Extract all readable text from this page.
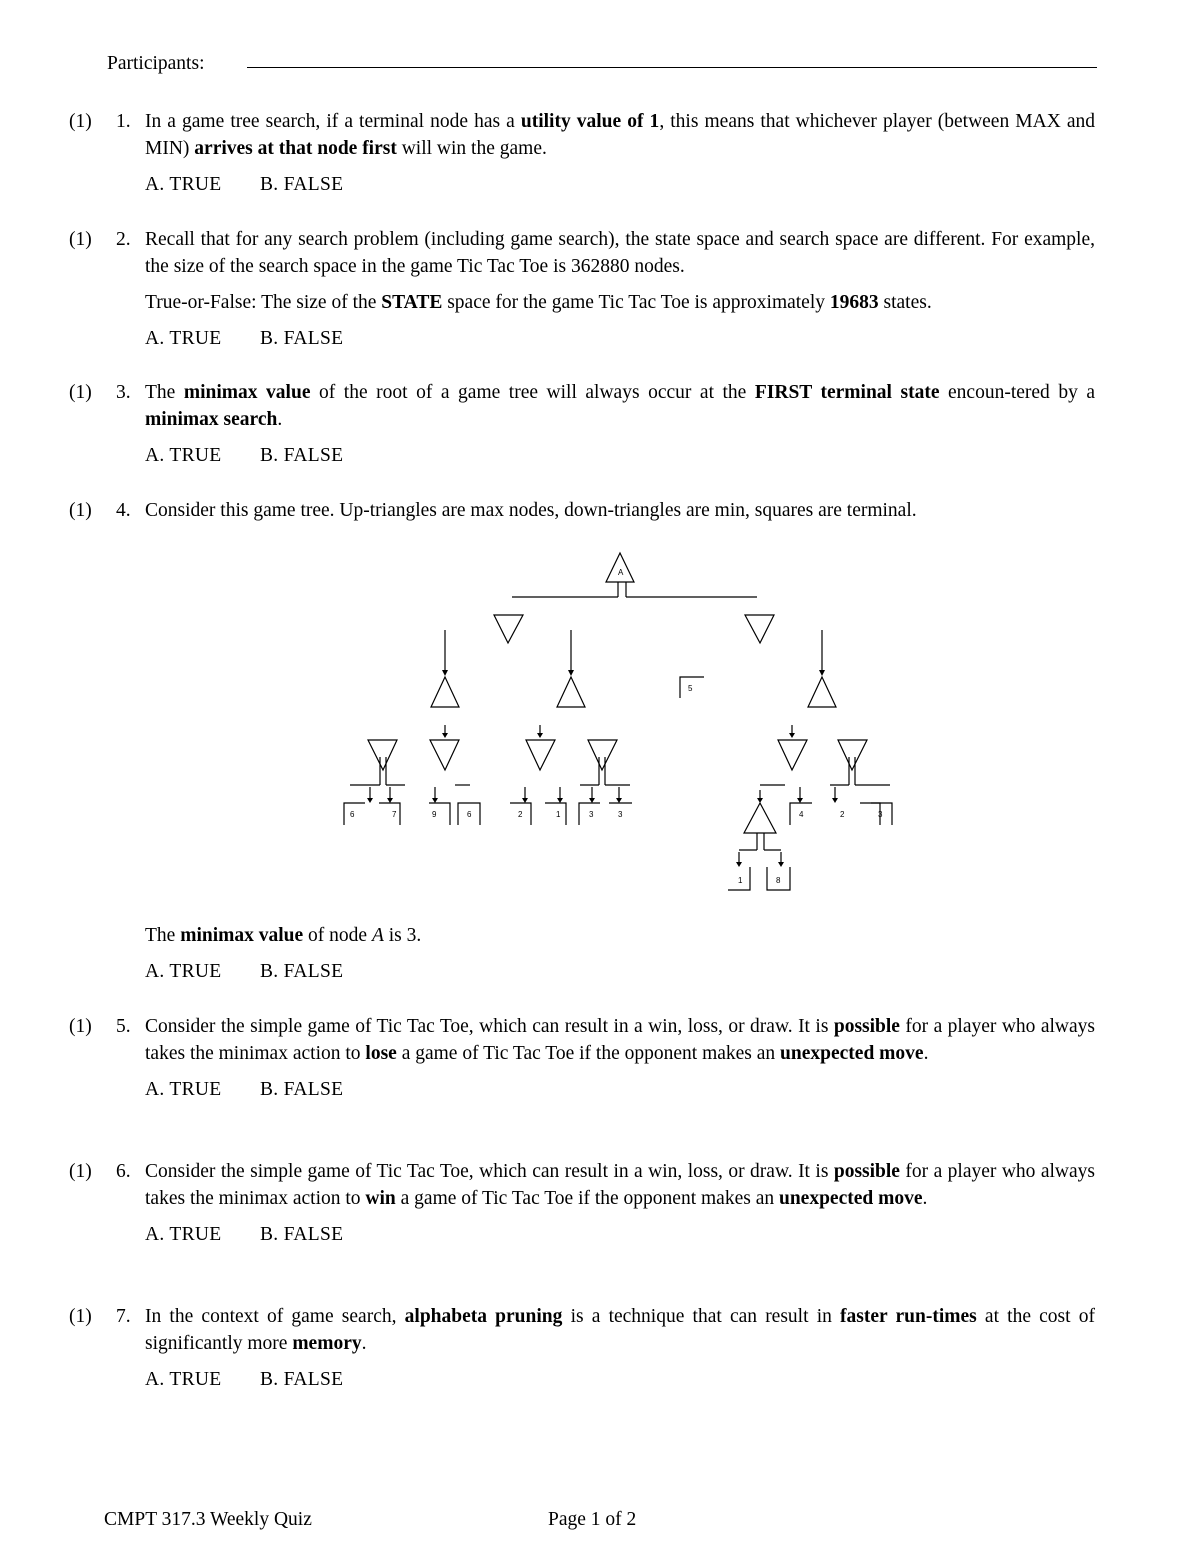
Participants:
(1) 1. In a game tree search, if a terminal node has a utility value of 1, this means that whichever player (between MAX and MIN) arrives at that node first will win the game.

A. TRUE B. FALSE
(1) 2. Recall that for any search problem (including game search), the state space and search space are different. For example, the size of the search space in the game Tic Tac Toe is 362880 nodes.

True-or-False: The size of the STATE space for the game Tic Tac Toe is approximately 19683 states.

A. TRUE B. FALSE
(1) 3. The minimax value of the root of a game tree will always occur at the FIRST terminal state encoun-tered by a minimax search.

A. TRUE B. FALSE
(1) 4. Consider this game tree. Up-triangles are max nodes, down-triangles are min, squares are terminal.

A
6	7	9	6	2	1	3	3
5
1	8
4	2	3

The minimax value of node A is 3.

A. TRUE B. FALSE
(1) 5. Consider the simple game of Tic Tac Toe, which can result in a win, loss, or draw. It is possible for a player who always takes the minimax action to lose a game of Tic Tac Toe if the opponent makes an unexpected move.

A. TRUE B. FALSE
(1) 6. Consider the simple game of Tic Tac Toe, which can result in a win, loss, or draw. It is possible for a player who always takes the minimax action to win a game of Tic Tac Toe if the opponent makes an unexpected move.

A. TRUE B. FALSE
(1) 7. In the context of game search, alphabeta pruning is a technique that can result in faster run-times at the cost of significantly more memory.

A. TRUE B. FALSE
CMPT 317.3 Weekly Quiz	Page 1 of 2
